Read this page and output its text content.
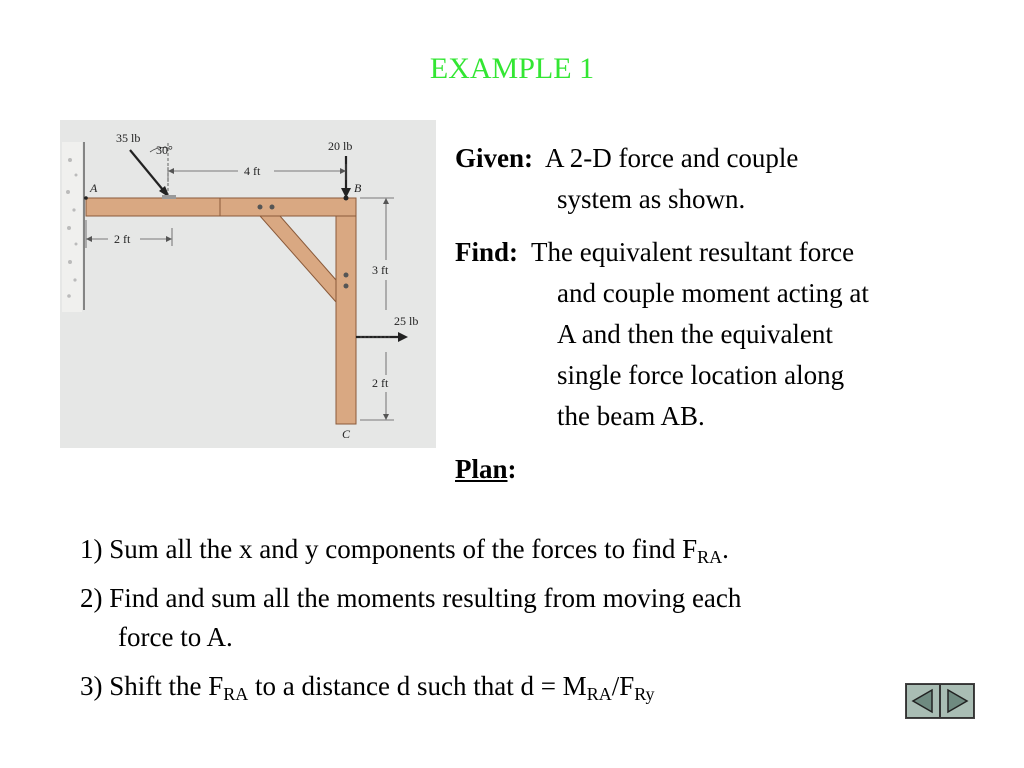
EXAMPLE 1
35 lb
30°	20 lb
4 ft
2 ft
3 ft
25 lb
2 ft
A	B
C
Given: A 2-D force and couple
system as shown.
Find: The equivalent resultant force
and couple moment acting at
A and then the equivalent
single force location along
the beam AB.
Plan:
1) Sum all the x and y components of the forces to find $F_{RA}$.
2) Find and sum all the moments resulting from moving each
force to A.
3) Shift the $F_{RA}$ to a distance d such that $d = M_{RA}/F_{Ry}$
